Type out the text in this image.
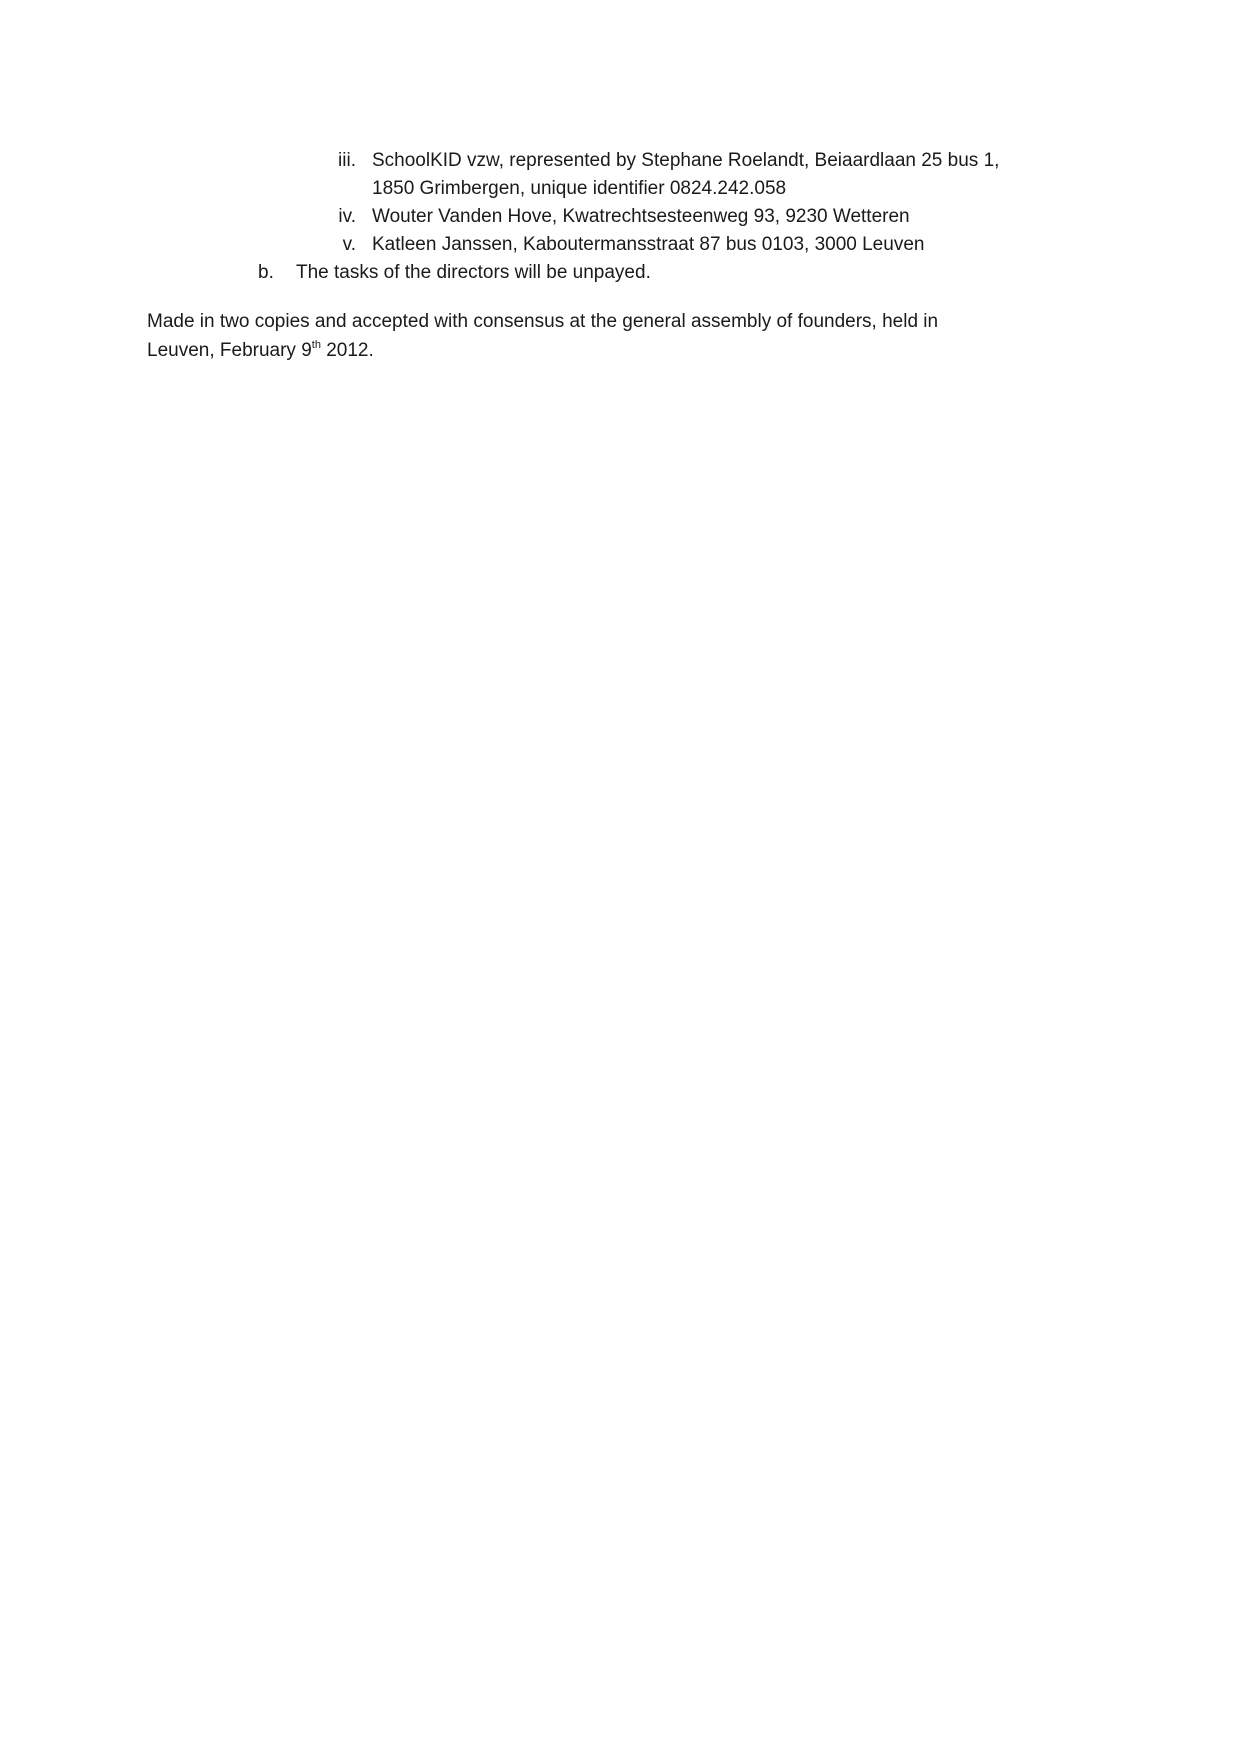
iii. SchoolKID vzw, represented by Stephane Roelandt, Beiaardlaan 25 bus 1,
1850 Grimbergen, unique identifier 0824.242.058
iv. Wouter Vanden Hove, Kwatrechtsesteenweg 93, 9230 Wetteren
v. Katleen Janssen, Kaboutermansstraat 87 bus 0103, 3000 Leuven
b.	The tasks of the directors will be unpayed.
Made in two copies and accepted with consensus at the general assembly of founders, held in
Leuven, February 9th 2012.
